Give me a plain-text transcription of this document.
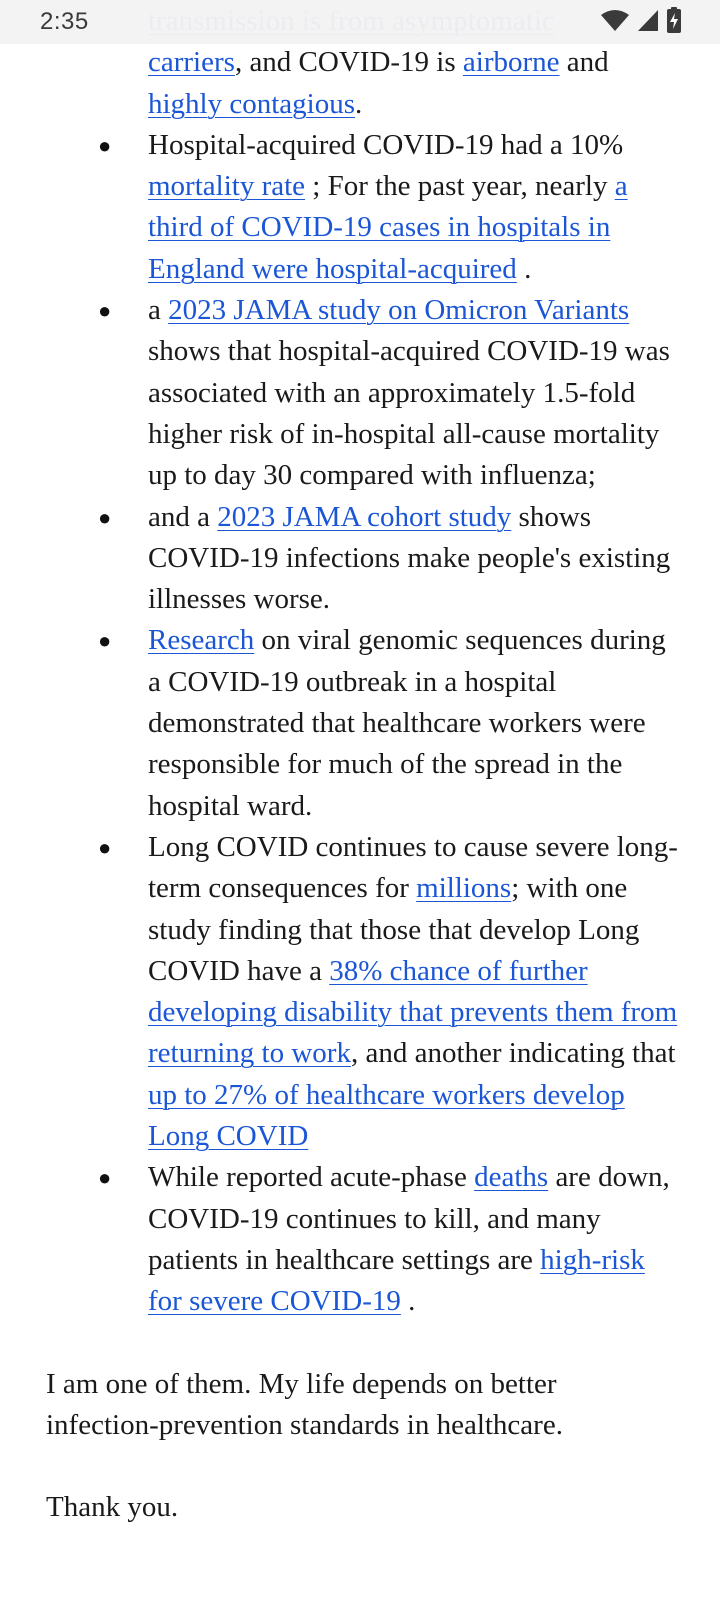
carriers, and COVID-19 is airborne and highly contagious.
● Hospital-acquired COVID-19 had a 10% mortality rate ; For the past year, nearly a third of COVID-19 cases in hospitals in England were hospital-acquired .
● a 2023 JAMA study on Omicron Variants shows that hospital-acquired COVID-19 was associated with an approximately 1.5-fold higher risk of in-hospital all-cause mortality up to day 30 compared with influenza;
● and a 2023 JAMA cohort study shows COVID-19 infections make people's existing illnesses worse.
● Research on viral genomic sequences during a COVID-19 outbreak in a hospital demonstrated that healthcare workers were responsible for much of the spread in the hospital ward.
● Long COVID continues to cause severe long-term consequences for millions; with one study finding that those that develop Long COVID have a 38% chance of further developing disability that prevents them from returning to work, and another indicating that up to 27% of healthcare workers develop Long COVID
● While reported acute-phase deaths are down, COVID-19 continues to kill, and many patients in healthcare settings are high-risk for severe COVID-19 .

I am one of them. My life depends on better infection-prevention standards in healthcare.

Thank you.

2:35
